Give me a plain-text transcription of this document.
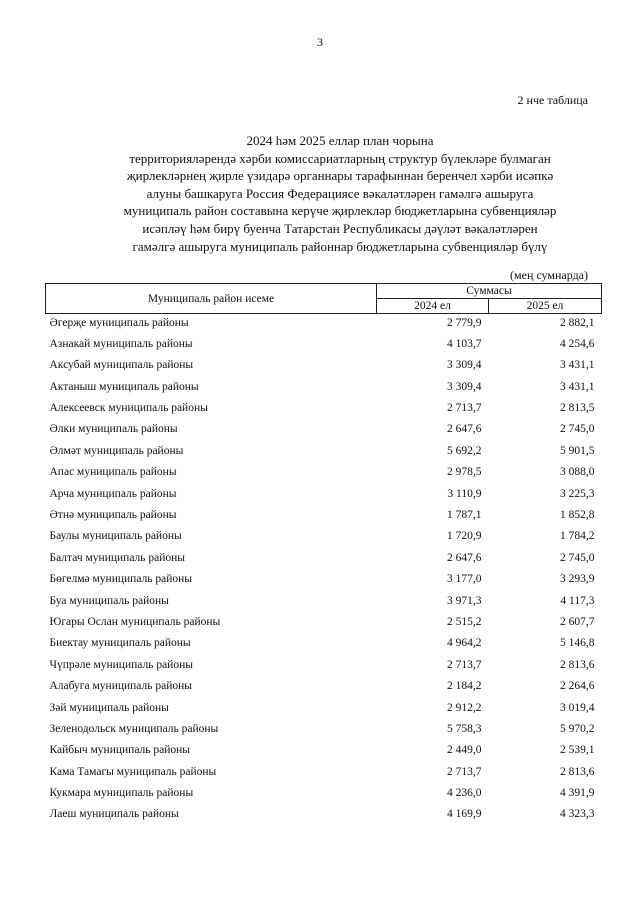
3
2 нче таблица
2024 һәм 2025 еллар план чорына
территорияләрендә хәрби комиссариатларның структур бүлекләре булмаган
җирлекләрнең җирле үзидарә органнары тарафыннан беренчел хәрби исәпкә
алуны башкаруга Россия Федерациясе вәкаләтләрен гамәлгә ашыруга
муниципаль район составына керүче җирлекләр бюджетларына субвенцияләр
исәпләү һәм бирү буенча Татарстан Республикасы дәүләт вәкаләтләрен
гамәлгә ашыруга муниципаль районнар бюджетларына субвенцияләр бүлү
(мең сумнарда)
Муниципаль район исеме	Суммасы	
	2024 ел	2025 ел
Әгерҗе муниципаль районы	2 779,9	2 882,1
Азнакай муниципаль районы	4 103,7	4 254,6
Аксубай муниципаль районы	3 309,4	3 431,1
Актаныш муниципаль районы	3 309,4	3 431,1
Алексеевск муниципаль районы	2 713,7	2 813,5
Әлки муниципаль районы	2 647,6	2 745,0
Әлмәт муниципаль районы	5 692,2	5 901,5
Апас муниципаль районы	2 978,5	3 088,0
Арча муниципаль районы	3 110,9	3 225,3
Әтнә муниципаль районы	1 787,1	1 852,8
Баулы муниципаль районы	1 720,9	1 784,2
Балтач муниципаль районы	2 647,6	2 745,0
Бөгелмә муниципаль районы	3 177,0	3 293,9
Буа муниципаль районы	3 971,3	4 117,3
Югары Ослан муниципаль районы	2 515,2	2 607,7
Биектау муниципаль районы	4 964,2	5 146,8
Чүпрәле муниципаль районы	2 713,7	2 813,6
Алабуга муниципаль районы	2 184,2	2 264,6
Зәй муниципаль районы	2 912,2	3 019,4
Зеленодольск муниципаль районы	5 758,3	5 970,2
Кайбыч муниципаль районы	2 449,0	2 539,1
Кама Тамагы муниципаль районы	2 713,7	2 813,6
Кукмара муниципаль районы	4 236,0	4 391,9
Лаеш муниципаль районы	4 169,9	4 323,3
